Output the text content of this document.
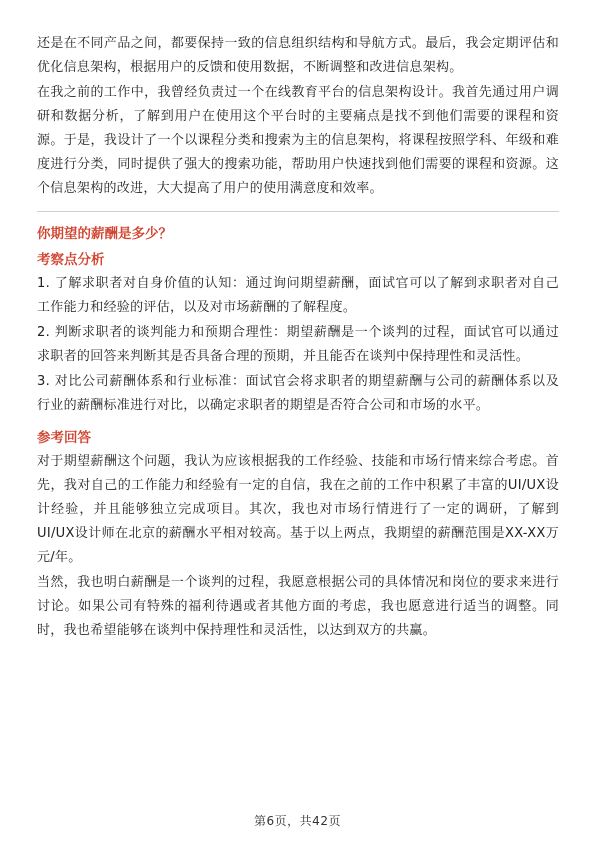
还是在不同产品之间，都要保持一致的信息组织结构和导航方式。最后，我会定期评估和优化信息架构，根据用户的反馈和使用数据，不断调整和改进信息架构。

在我之前的工作中，我曾经负责过一个在线教育平台的信息架构设计。我首先通过用户调研和数据分析，了解到用户在使用这个平台时的主要痛点是找不到他们需要的课程和资源。于是，我设计了一个以课程分类和搜索为主的信息架构，将课程按照学科、年级和难度进行分类，同时提供了强大的搜索功能，帮助用户快速找到他们需要的课程和资源。这个信息架构的改进，大大提高了用户的使用满意度和效率。

你期望的薪酬是多少？
考察点分析

1. 了解求职者对自身价值的认知：通过询问期望薪酬，面试官可以了解到求职者对自己工作能力和经验的评估，以及对市场薪酬的了解程度。

2. 判断求职者的谈判能力和预期合理性：期望薪酬是一个谈判的过程，面试官可以通过求职者的回答来判断其是否具备合理的预期，并且能否在谈判中保持理性和灵活性。

3. 对比公司薪酬体系和行业标准：面试官会将求职者的期望薪酬与公司的薪酬体系以及行业的薪酬标准进行对比，以确定求职者的期望是否符合公司和市场的水平。

参考回答

对于期望薪酬这个问题，我认为应该根据我的工作经验、技能和市场行情来综合考虑。首先，我对自己的工作能力和经验有一定的自信，我在之前的工作中积累了丰富的UI/UX设计经验，并且能够独立完成项目。其次，我也对市场行情进行了一定的调研，了解到UI/UX设计师在北京的薪酬水平相对较高。基于以上两点，我期望的薪酬范围是XX-XX万元/年。

当然，我也明白薪酬是一个谈判的过程，我愿意根据公司的具体情况和岗位的要求来进行讨论。如果公司有特殊的福利待遇或者其他方面的考虑，我也愿意进行适当的调整。同时，我也希望能够在谈判中保持理性和灵活性，以达到双方的共赢。

第6页，共42页
